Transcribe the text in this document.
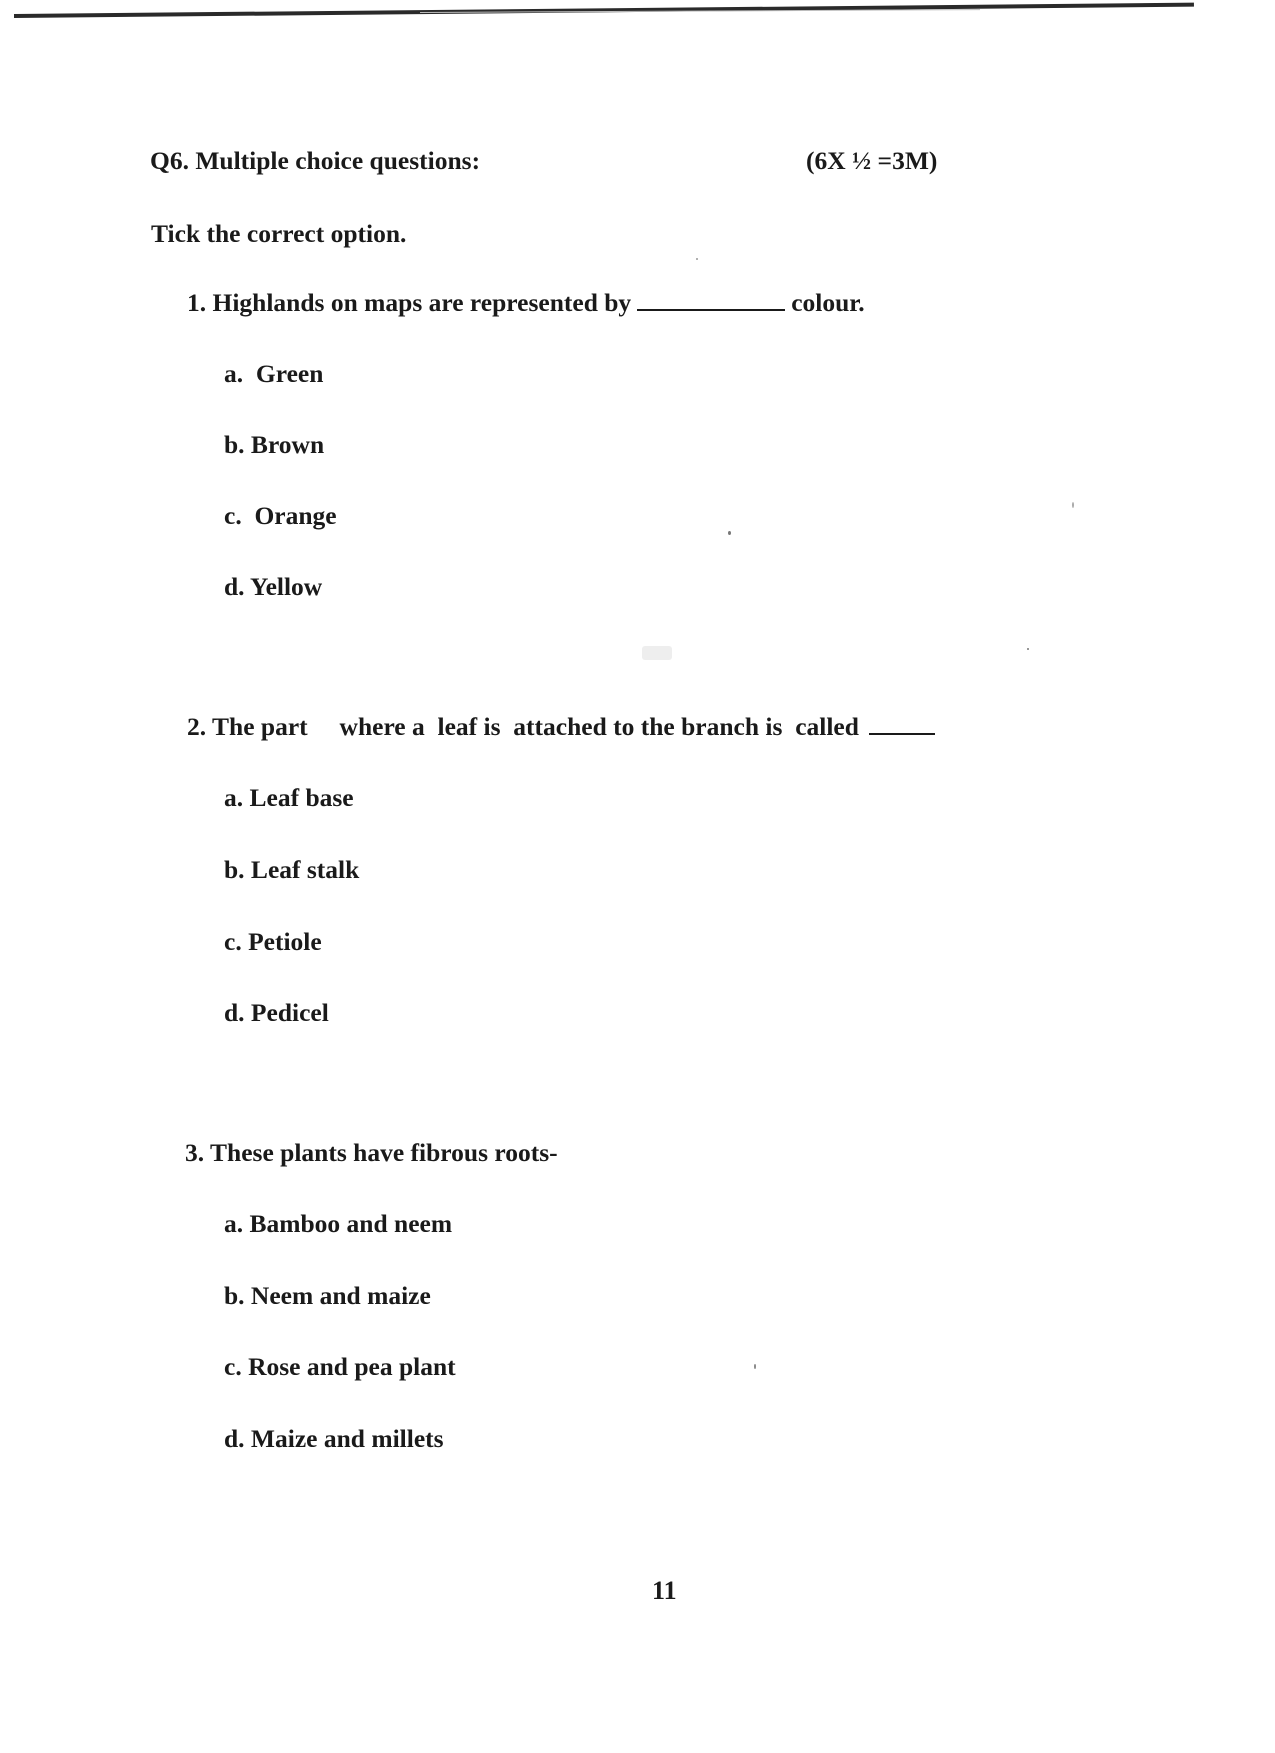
Q6. Multiple choice questions:	(6X ½ =3M)
Tick the correct option.
1. Highlands on maps are represented by	colour.
a.  Green
b. Brown
c.  Orange
d. Yellow
2. The part     where a  leaf is  attached to the branch is  called
a. Leaf base
b. Leaf stalk
c. Petiole
d. Pedicel
3. These plants have fibrous roots-
a. Bamboo and neem
b. Neem and maize
c. Rose and pea plant
d. Maize and millets
11
